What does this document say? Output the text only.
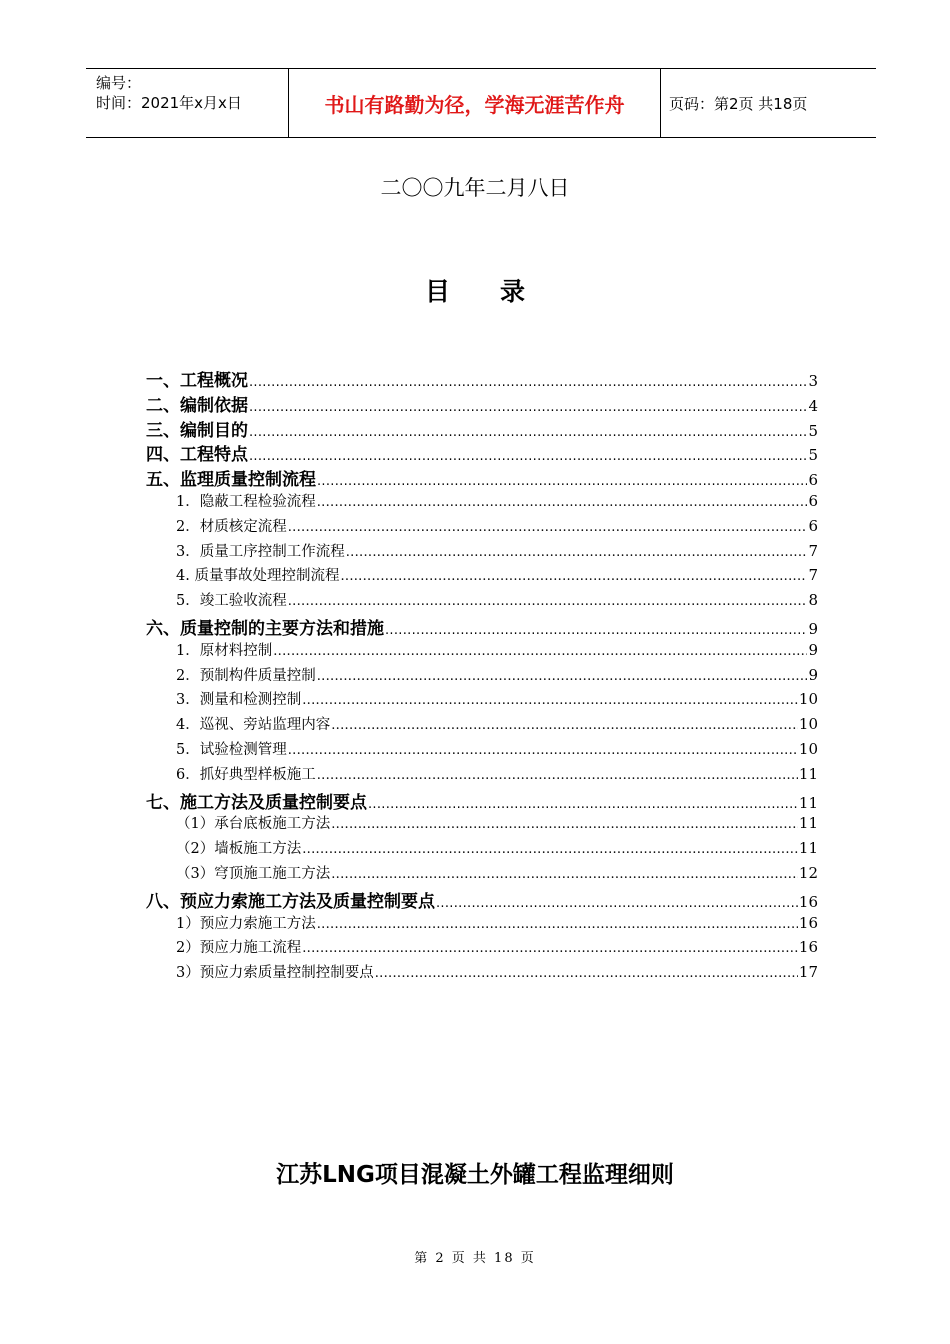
编号：
时间：2021年x月x日	书山有路勤为径，学海无涯苦作舟	页码：第2页 共18页
二〇〇九年二月八日
目录
一、工程概况 .....	3
二、编制依据 .....	4
三、编制目的 .....	5
四、工程特点 .....	5
五、监理质量控制流程 .....	6
1．隐蔽工程检验流程 .....	6
2．材质核定流程 .....	6
3．质量工序控制工作流程 .....	7
4. 质量事故处理控制流程 .....	7
5．竣工验收流程 .....	8
六、质量控制的主要方法和措施 .....	9
1．原材料控制 .....	9
2．预制构件质量控制 .....	9
3．测量和检测控制 .....	10
4．巡视、旁站监理内容 .....	10
5．试验检测管理 .....	10
6．抓好典型样板施工 .....	11
七、施工方法及质量控制要点 .....	11
（1）承台底板施工方法 .....	11
（2）墙板施工方法 .....	11
（3）穹顶施工施工方法 .....	12
八、预应力索施工方法及质量控制要点 .....	16
1）预应力索施工方法 .....	16
2）预应力施工流程 .....	16
3）预应力索质量控制控制要点 .....	17
江苏LNG项目混凝土外罐工程监理细则
第 2 页 共 18 页
